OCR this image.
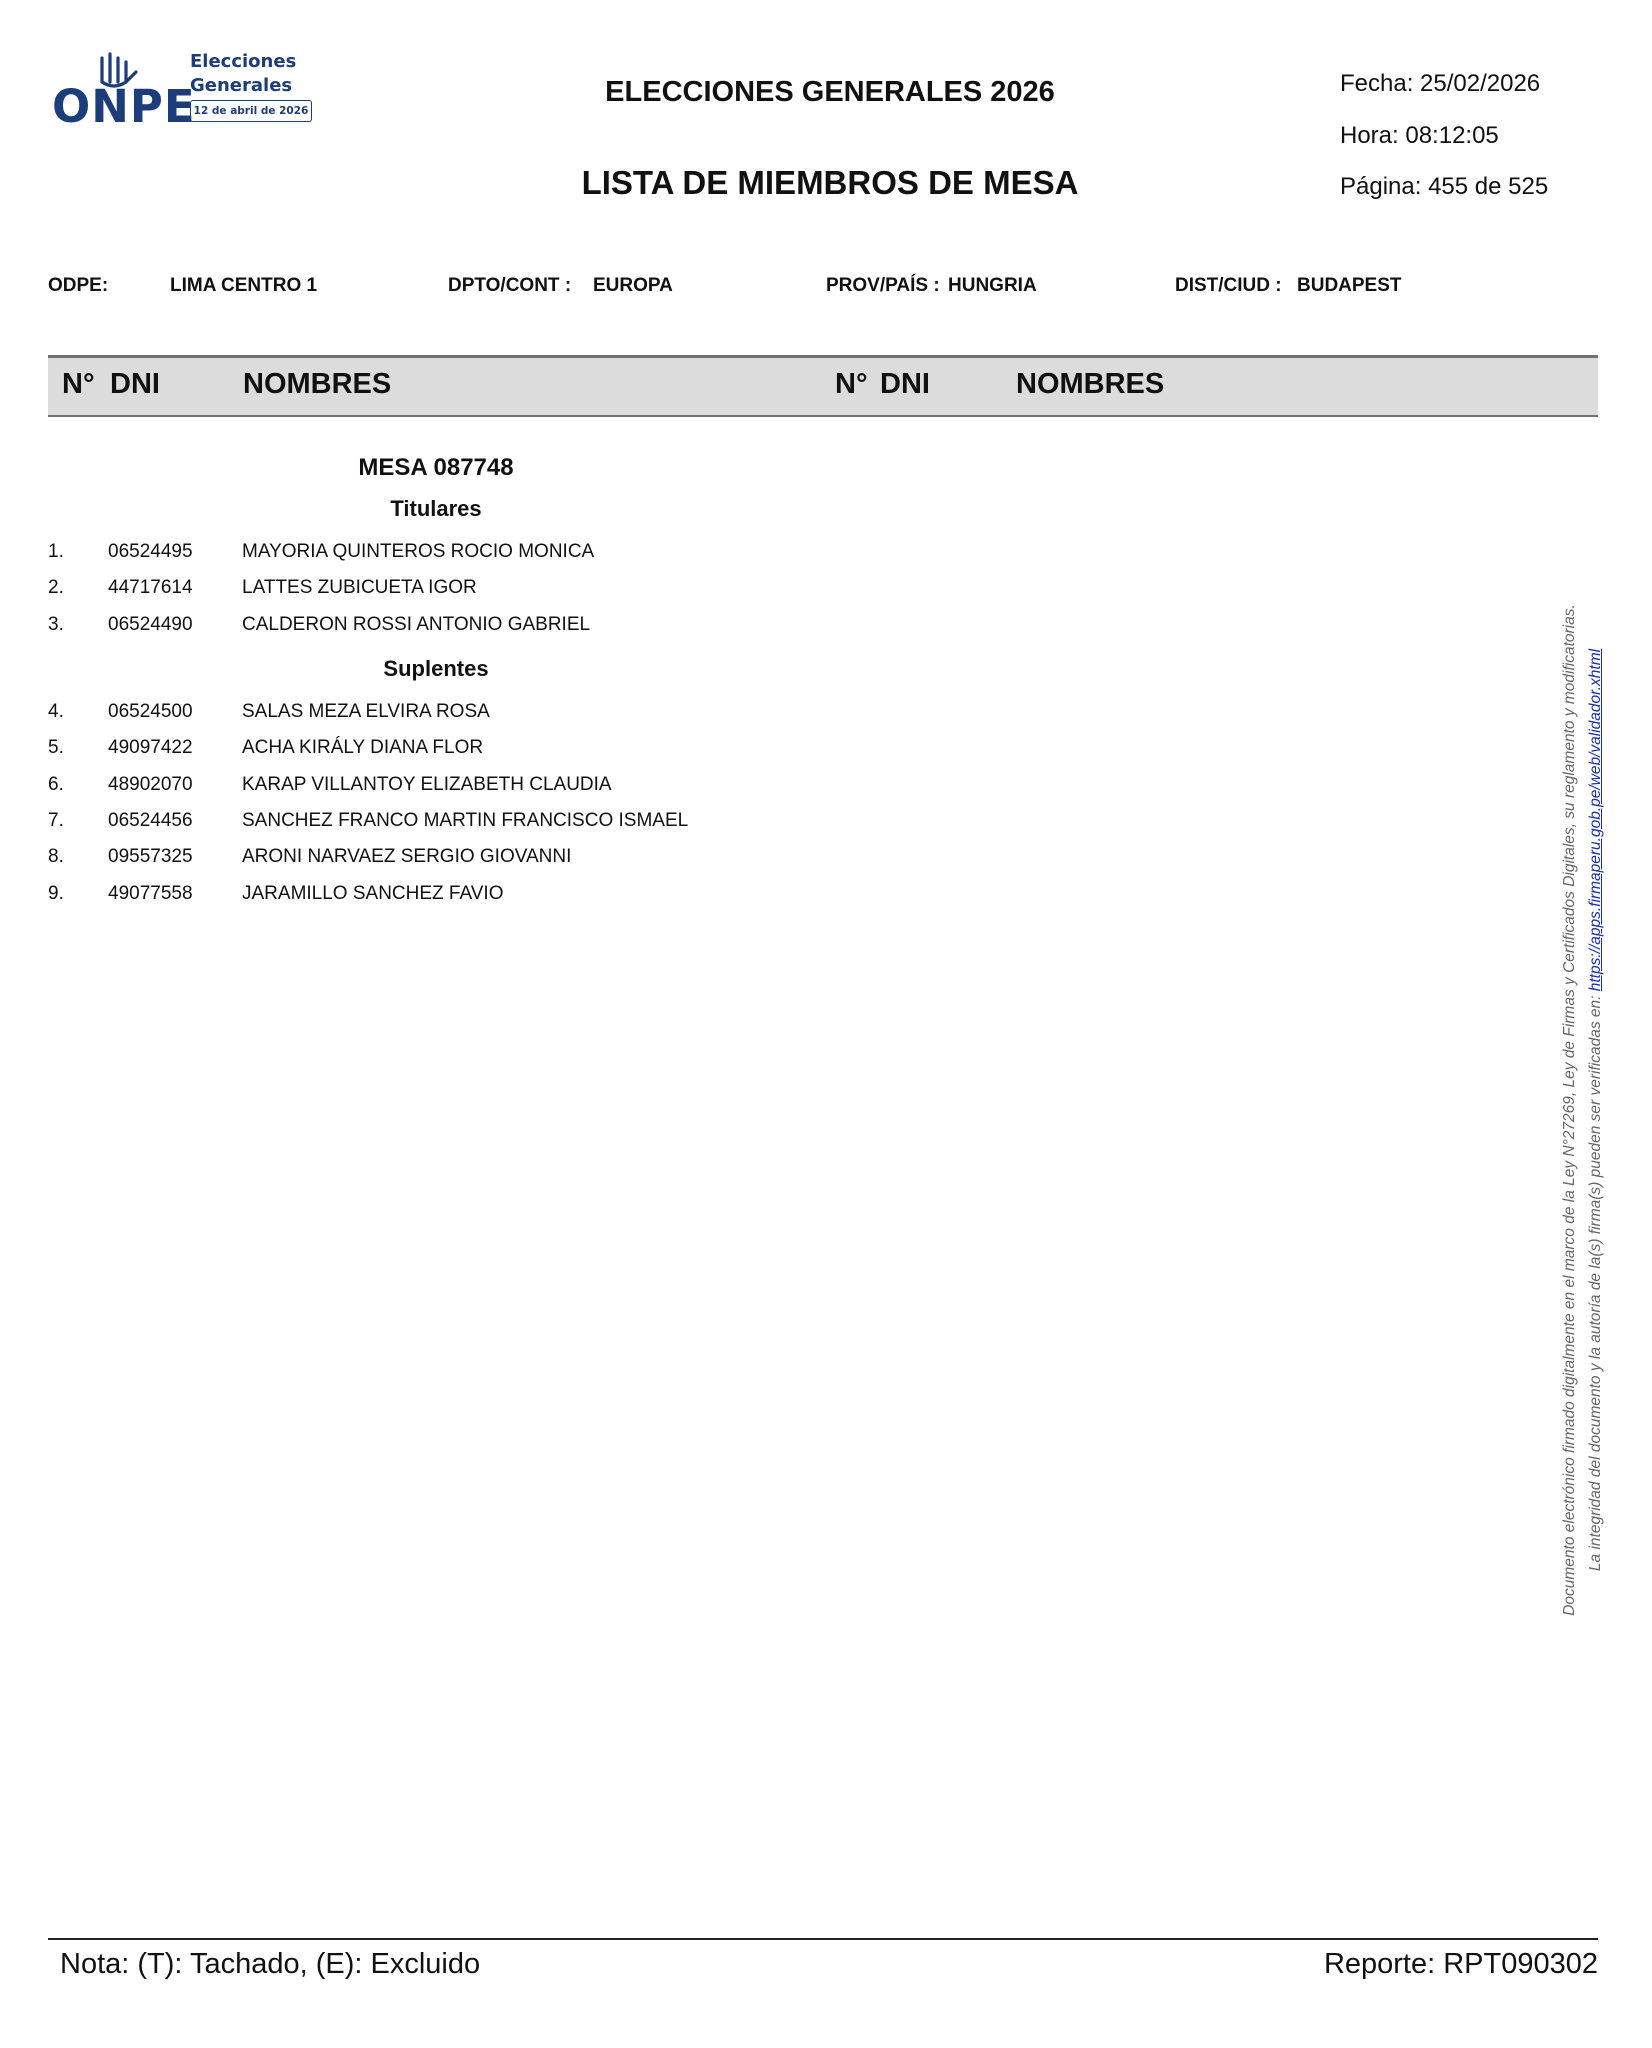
ONPE
Elecciones
Generales
12 de abril de 2026
ELECCIONES GENERALES 2026
LISTA DE MIEMBROS DE MESA
Fecha: 25/02/2026
Hora: 08:12:05
Página: 455 de 525
ODPE:	LIMA CENTRO 1	DPTO/CONT : EUROPA	PROV/PAÍS : HUNGRIA	DIST/CIUD : BUDAPEST
N° DNI	NOMBRES	N° DNI	NOMBRES
MESA 087748
Titulares
1. 06524495	MAYORIA QUINTEROS ROCIO MONICA
2. 44717614	LATTES ZUBICUETA IGOR
3. 06524490	CALDERON ROSSI ANTONIO GABRIEL
Suplentes
4. 06524500	SALAS MEZA ELVIRA ROSA
5. 49097422	ACHA KIRÁLY DIANA FLOR
6. 48902070	KARAP VILLANTOY ELIZABETH CLAUDIA
7. 06524456	SANCHEZ FRANCO MARTIN FRANCISCO ISMAEL
8. 09557325	ARONI NARVAEZ SERGIO GIOVANNI
9. 49077558	JARAMILLO SANCHEZ FAVIO	Documento electrónico firmado digitalmente en el marco de la Ley N°27269, Ley de Firmas y Certificados Digitales, su reglamento y modificatorias. La integridad del documento y la autoría de la(s) firma(s) pueden ser verificadas en: https://apps.firmaperu.gob.pe/web/validador.xhtml
Nota: (T): Tachado, (E): Excluido	Reporte: RPT090302
